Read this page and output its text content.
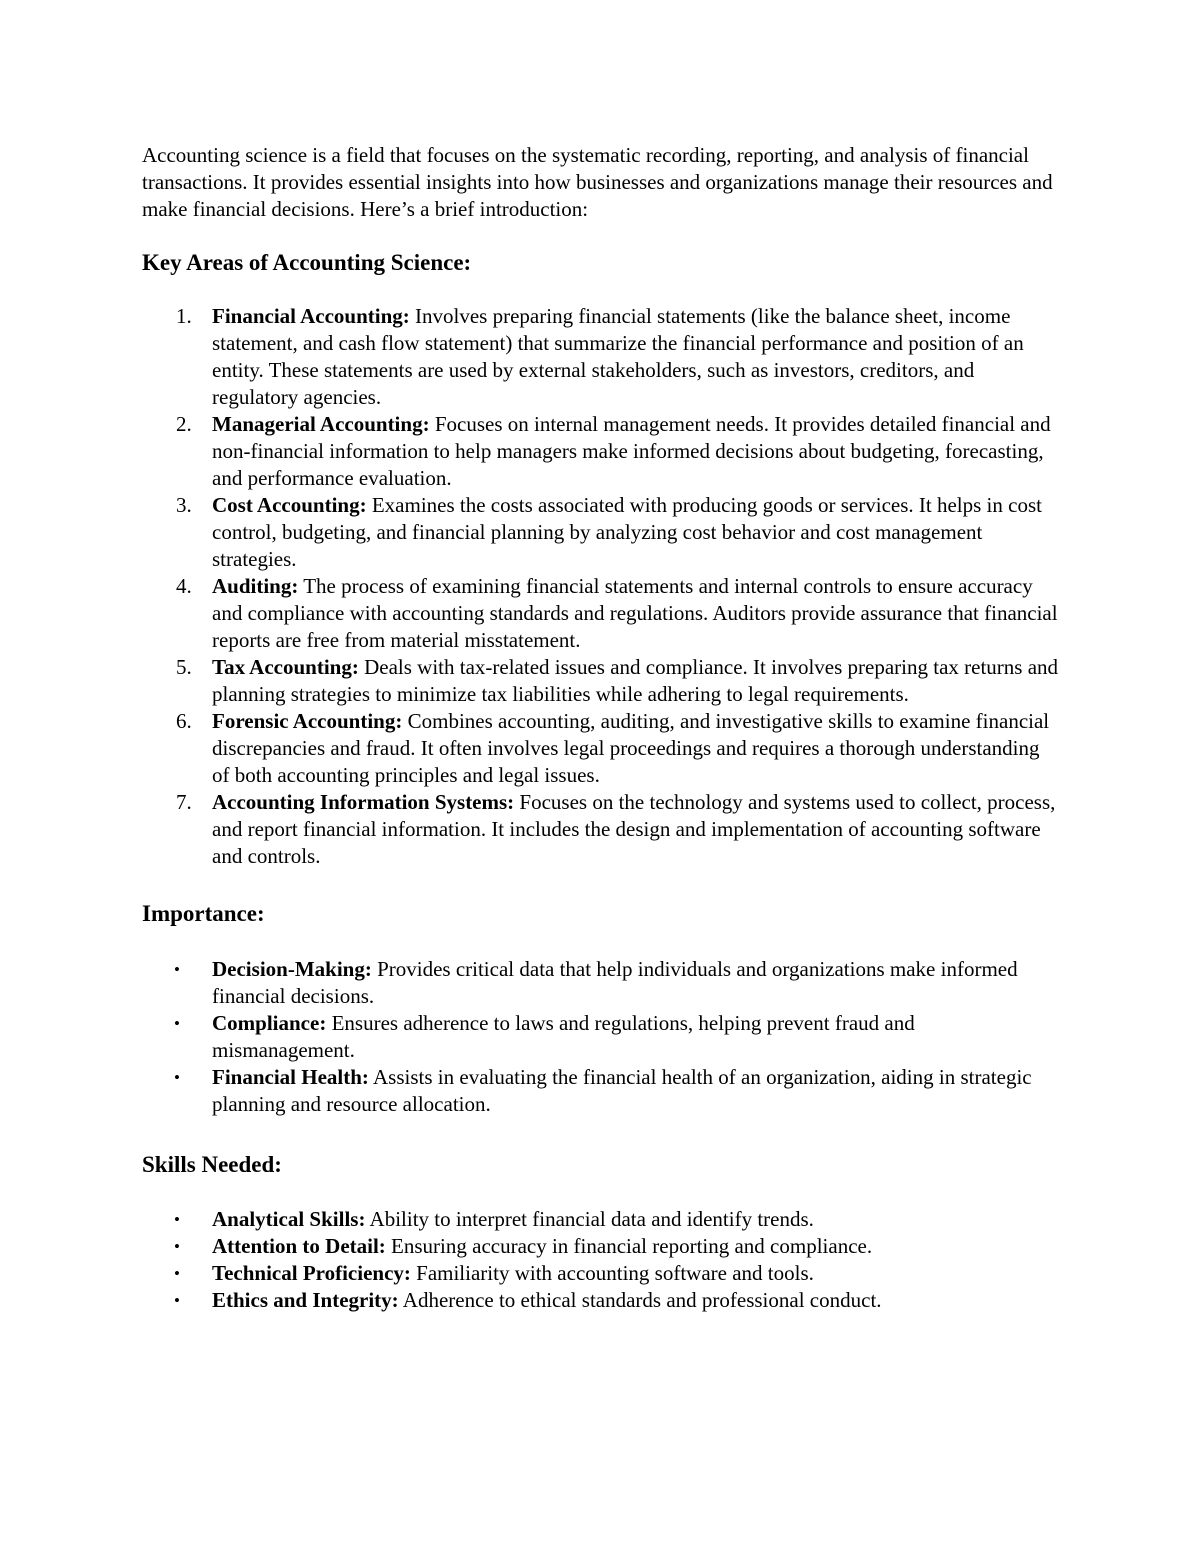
Accounting science is a field that focuses on the systematic recording, reporting, and analysis of financial transactions. It provides essential insights into how businesses and organizations manage their resources and make financial decisions. Here’s a brief introduction:

Key Areas of Accounting Science:
1. Financial Accounting: Involves preparing financial statements (like the balance sheet, income statement, and cash flow statement) that summarize the financial performance and position of an entity. These statements are used by external stakeholders, such as investors, creditors, and regulatory agencies.
2. Managerial Accounting: Focuses on internal management needs. It provides detailed financial and non-financial information to help managers make informed decisions about budgeting, forecasting, and performance evaluation.
3. Cost Accounting: Examines the costs associated with producing goods or services. It helps in cost control, budgeting, and financial planning by analyzing cost behavior and cost management strategies.
4. Auditing: The process of examining financial statements and internal controls to ensure accuracy and compliance with accounting standards and regulations. Auditors provide assurance that financial reports are free from material misstatement.
5. Tax Accounting: Deals with tax-related issues and compliance. It involves preparing tax returns and planning strategies to minimize tax liabilities while adhering to legal requirements.
6. Forensic Accounting: Combines accounting, auditing, and investigative skills to examine financial discrepancies and fraud. It often involves legal proceedings and requires a thorough understanding of both accounting principles and legal issues.
7. Accounting Information Systems: Focuses on the technology and systems used to collect, process, and report financial information. It includes the design and implementation of accounting software and controls.
Importance:
• Decision-Making: Provides critical data that help individuals and organizations make informed financial decisions.
• Compliance: Ensures adherence to laws and regulations, helping prevent fraud and mismanagement.
• Financial Health: Assists in evaluating the financial health of an organization, aiding in strategic planning and resource allocation.
Skills Needed:
• Analytical Skills: Ability to interpret financial data and identify trends.
• Attention to Detail: Ensuring accuracy in financial reporting and compliance.
• Technical Proficiency: Familiarity with accounting software and tools.
• Ethics and Integrity: Adherence to ethical standards and professional conduct.
